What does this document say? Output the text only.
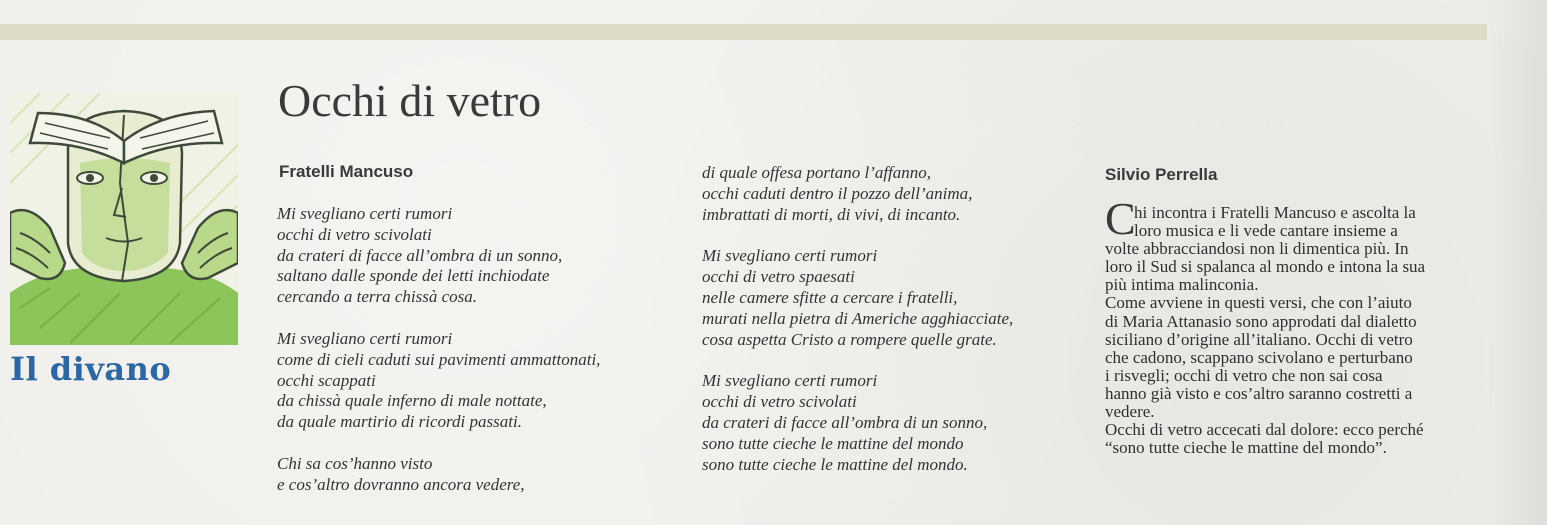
Il divano
Occhi di vetro
Fratelli Mancuso	Silvio Perrella
Mi svegliano certi rumori
occhi di vetro scivolati
da crateri di facce all’ombra di un sonno,
saltano dalle sponde dei letti inchiodate
cercando a terra chissà cosa.
Mi svegliano certi rumori
come di cieli caduti sui pavimenti ammattonati,
occhi scappati
da chissà quale inferno di male nottate,
da quale martirio di ricordi passati.
Chi sa cos’hanno visto
e cos’altro dovranno ancora vedere,
di quale offesa portano l’affanno,
occhi caduti dentro il pozzo dell’anima,
imbrattati di morti, di vivi, di incanto.
Mi svegliano certi rumori
occhi di vetro spaesati
nelle camere sfitte a cercare i fratelli,
murati nella pietra di Americhe agghiacciate,
cosa aspetta Cristo a rompere quelle grate.
Mi svegliano certi rumori
occhi di vetro scivolati
da crateri di facce all’ombra di un sonno,
sono tutte cieche le mattine del mondo
sono tutte cieche le mattine del mondo.
C
hi incontra i Fratelli Mancuso e ascolta la
loro musica e li vede cantare insieme a
volte abbracciandosi non li dimentica più. In
loro il Sud si spalanca al mondo e intona la sua
più intima malinconia.
Come avviene in questi versi, che con l’aiuto
di Maria Attanasio sono approdati dal dialetto
siciliano d’origine all’italiano. Occhi di vetro
che cadono, scappano scivolano e perturbano
i risvegli; occhi di vetro che non sai cosa
hanno già visto e cos’altro saranno costretti a
vedere.
Occhi di vetro accecati dal dolore: ecco perché
“sono tutte cieche le mattine del mondo”.
